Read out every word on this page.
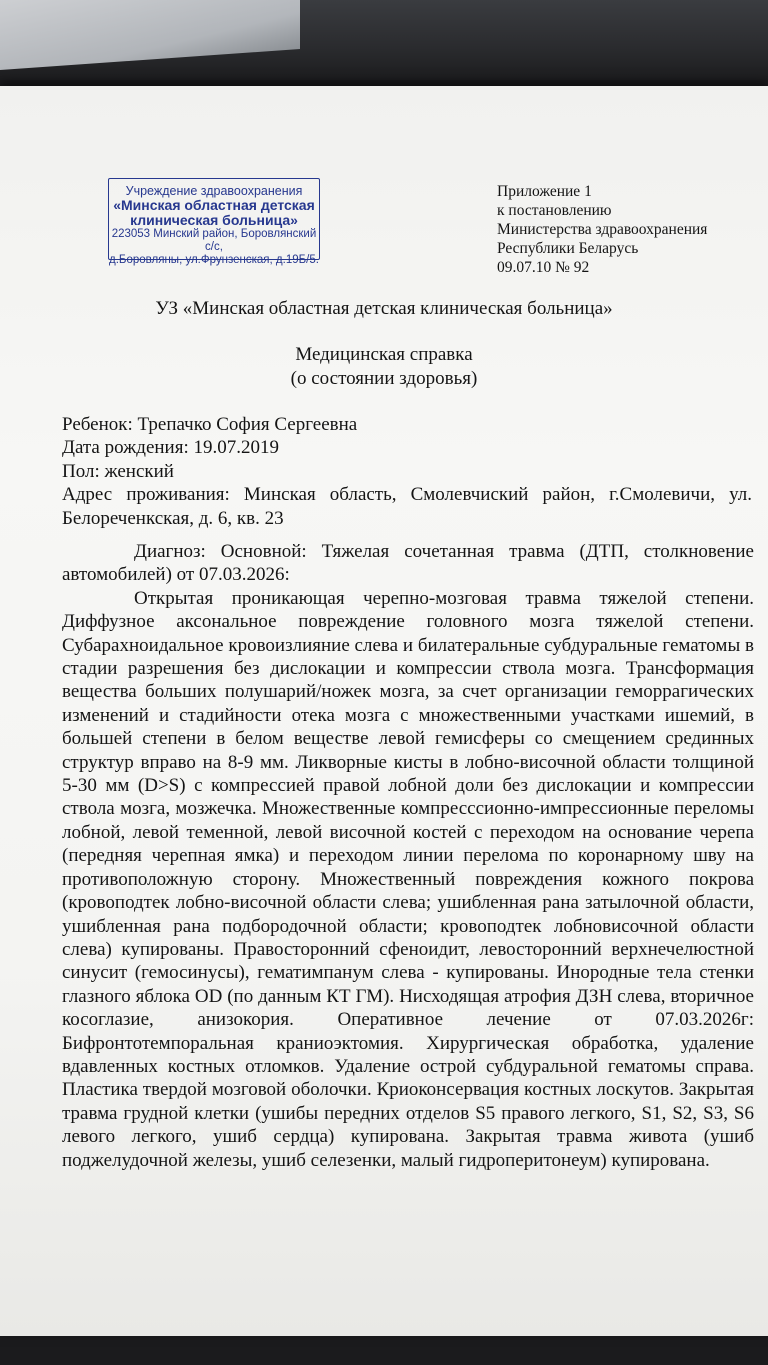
Учреждение здравоохранения
«Минская областная детская
клиническая больница»
223053 Минский район, Боровлянский с/с,
д.Боровляны, ул.Фрунзенская, д.19Б/5.
Приложение 1
к постановлению
Министерства здравоохранения
Республики Беларусь
09.07.10 № 92
УЗ «Минская областная детская клиническая больница»
Медицинская справка
(о состоянии здоровья)
Ребенок: Трепачко София Сергеевна
Дата рождения: 19.07.2019
Пол: женский
Адрес проживания: Минская область, Смолевчиский район, г.Смолевичи, ул.
Белореченкская, д. 6, кв. 23
Диагноз: Основной: Тяжелая сочетанная травма (ДТП, столкновение автомобилей) от 07.03.2026:
Открытая проникающая черепно-мозговая травма тяжелой степени. Диффузное аксональное повреждение головного мозга тяжелой степени. Субарахноидальное кровоизлияние слева и билатеральные субдуральные гематомы в стадии разрешения без дислокации и компрессии ствола мозга. Трансформация вещества больших полушарий/ножек мозга, за счет организации геморрагических изменений и стадийности отека мозга с множественными участками ишемий, в большей степени в белом веществе левой гемисферы со смещением срединных структур вправо на 8-9 мм. Ликворные кисты в лобно-височной области толщиной 5-30 мм (D>S) с компрессией правой лобной доли без дислокации и компрессии ствола мозга, мозжечка. Множественные компресссионно-импрессионные переломы лобной, левой теменной, левой височной костей с переходом на основание черепа (передняя черепная ямка) и переходом линии перелома по коронарному шву на противоположную сторону. Множественный повреждения кожного покрова (кровоподтек лобно-височной области слева; ушибленная рана затылочной области, ушибленная рана подбородочной области; кровоподтек лобновисочной области слева) купированы. Правосторонний сфеноидит, левосторонний верхнечелюстной синусит (гемосинусы), гематимпанум слева - купированы. Инородные тела стенки глазного яблока OD (по данным КТ ГМ). Нисходящая атрофия ДЗН слева, вторичное косоглазие, анизокория. Оперативное лечение от 07.03.2026г: Бифронтотемпоральная краниоэктомия. Хирургическая обработка, удаление вдавленных костных отломков. Удаление острой субдуральной гематомы справа. Пластика твердой мозговой оболочки. Криоконсервация костных лоскутов. Закрытая травма грудной клетки (ушибы передних отделов S5 правого легкого, S1, S2, S3, S6 левого легкого, ушиб сердца) купирована. Закрытая травма живота (ушиб поджелудочной железы, ушиб селезенки, малый гидроперитонеум) купирована.
